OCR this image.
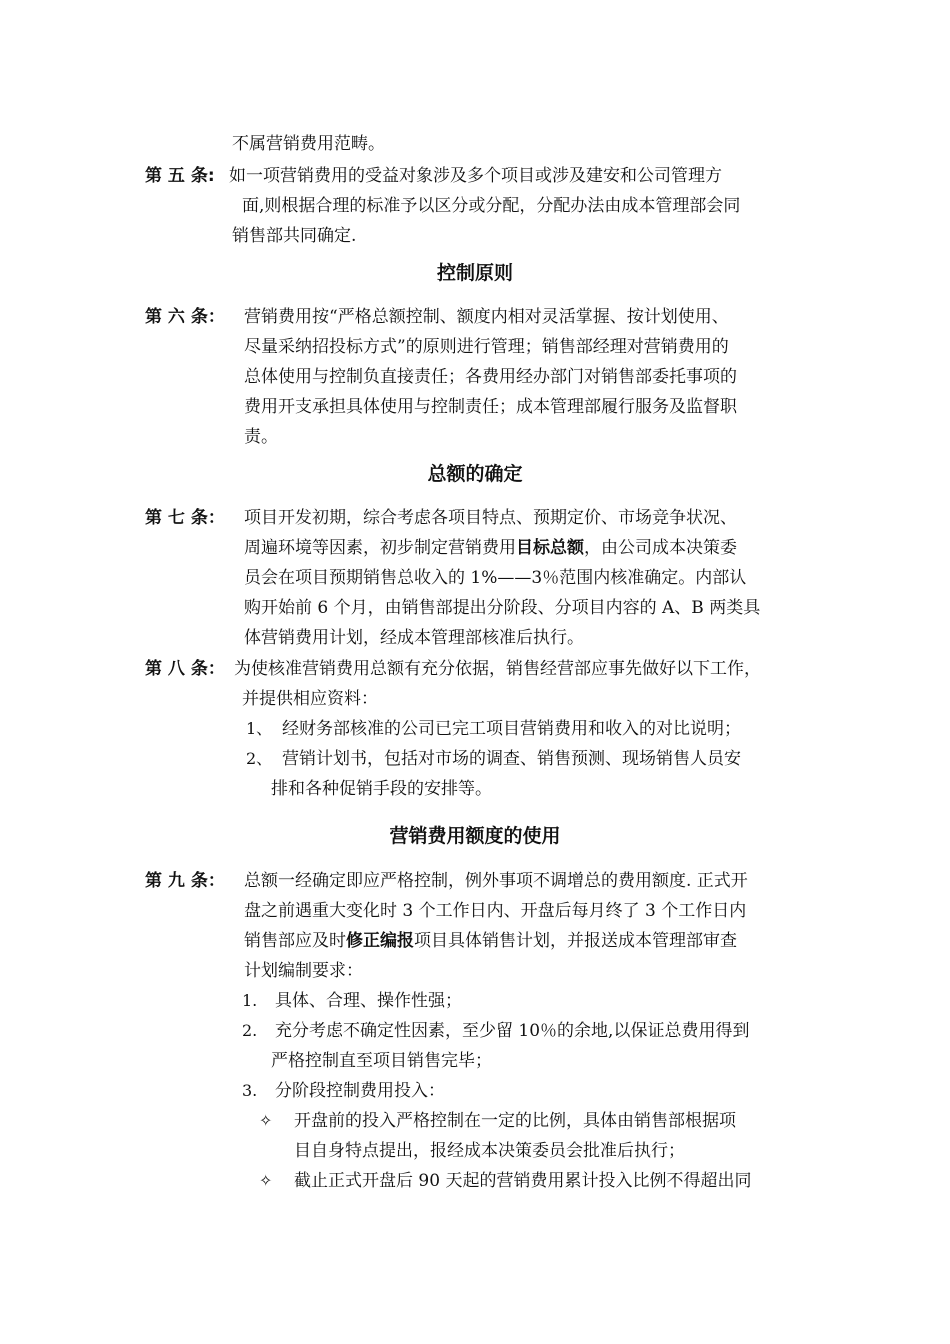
不属营销费用范畴。
第 五 条: 如一项营销费用的受益对象涉及多个项目或涉及建安和公司管理方
面,则根据合理的标准予以区分或分配，分配办法由成本管理部会同
销售部共同确定.
控制原则
第 六 条： 营销费用按“严格总额控制、额度内相对灵活掌握、按计划使用、
尽量采纳招投标方式”的原则进行管理；销售部经理对营销费用的
总体使用与控制负直接责任；各费用经办部门对销售部委托事项的
费用开支承担具体使用与控制责任；成本管理部履行服务及监督职
责。
总额的确定
第 七 条： 项目开发初期，综合考虑各项目特点、预期定价、市场竞争状况、
周遍环境等因素，初步制定营销费用目标总额，由公司成本决策委
员会在项目预期销售总收入的 1%——3％范围内核准确定。内部认
购开始前 6 个月，由销售部提出分阶段、分项目内容的 A、B 两类具
体营销费用计划，经成本管理部核准后执行。
第 八 条： 为使核准营销费用总额有充分依据，销售经营部应事先做好以下工作，
并提供相应资料：
1、 经财务部核准的公司已完工项目营销费用和收入的对比说明；
2、 营销计划书，包括对市场的调查、销售预测、现场销售人员安
排和各种促销手段的安排等。
营销费用额度的使用
第 九 条： 总额一经确定即应严格控制，例外事项不调增总的费用额度. 正式开
盘之前遇重大变化时 3 个工作日内、开盘后每月终了 3 个工作日内
销售部应及时修正编报项目具体销售计划，并报送成本管理部审查
计划编制要求：
1. 具体、合理、操作性强；
2. 充分考虑不确定性因素，至少留 10％的余地,以保证总费用得到
严格控制直至项目销售完毕；
3. 分阶段控制费用投入：
✧ 开盘前的投入严格控制在一定的比例，具体由销售部根据项
目自身特点提出，报经成本决策委员会批准后执行；
✧ 截止正式开盘后 90 天起的营销费用累计投入比例不得超出同
